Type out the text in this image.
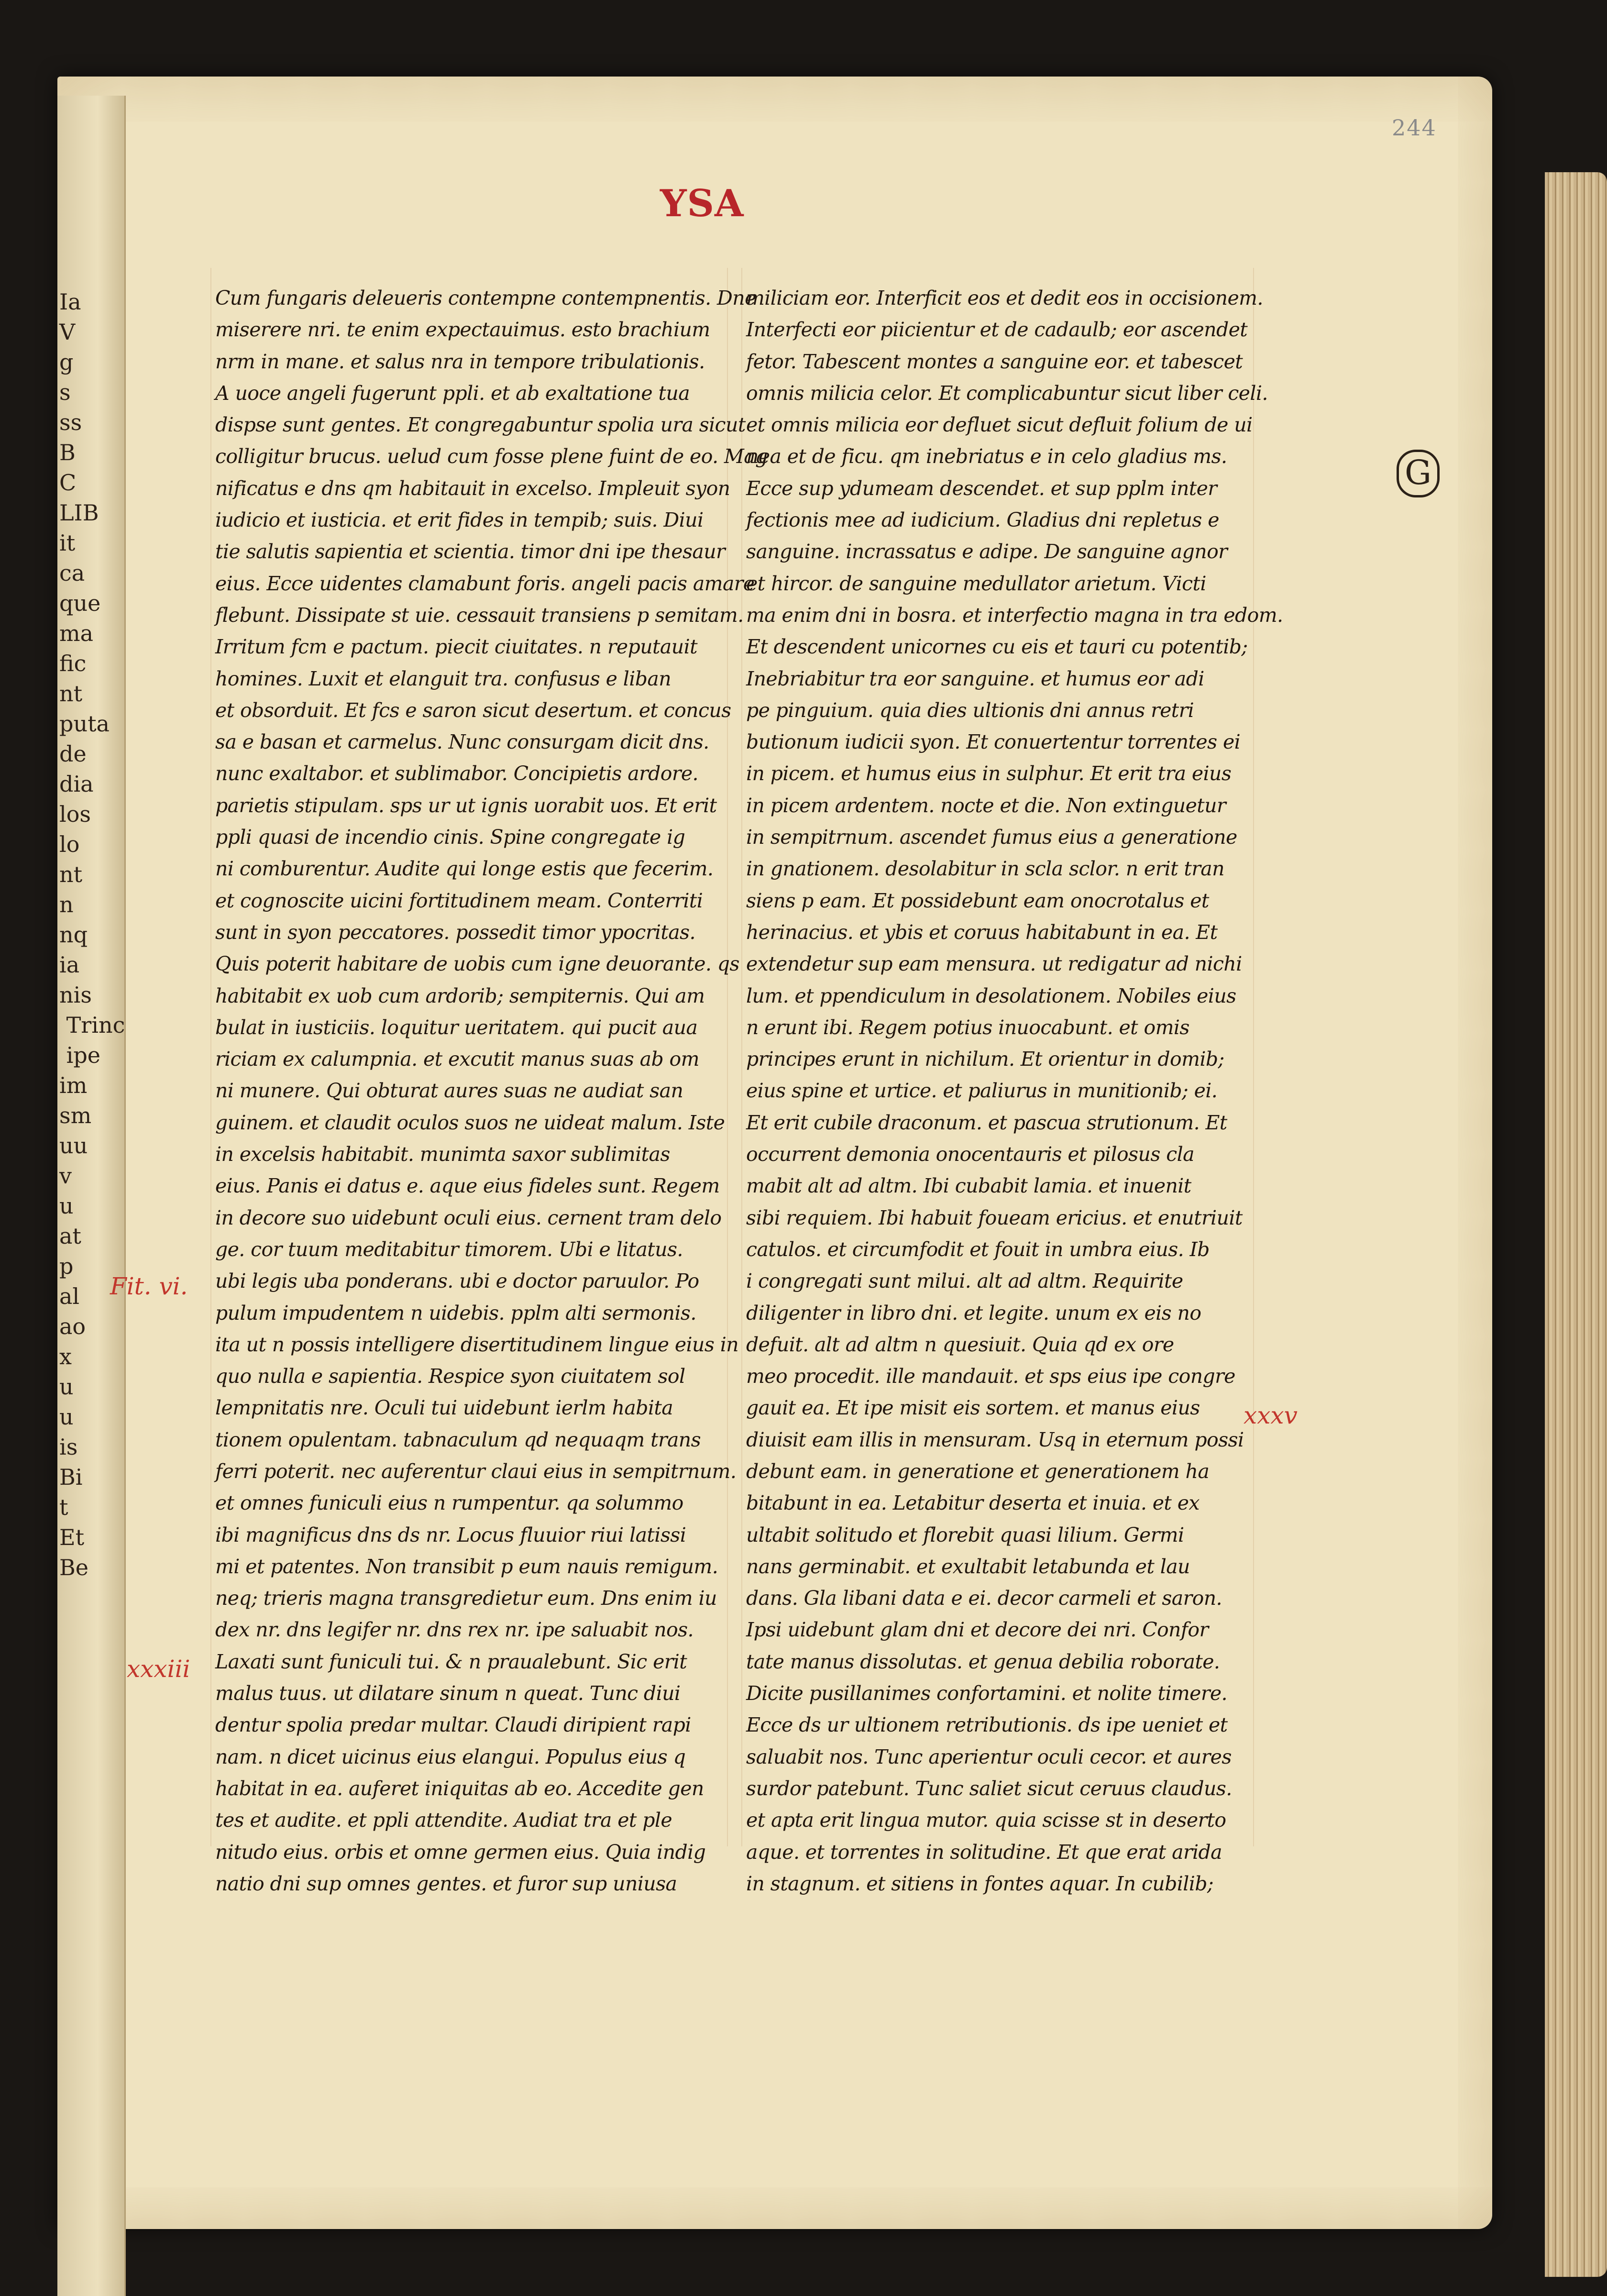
Ia
V
g
s
ss
B
C
LIB
it
ca
que
ma
fic
nt
puta
de
dia
los
lo
nt
n
nq
ia
nis
Trinc
ipe
im
sm
uu
v
u
at
p
al
ao
x
u
u
is
Bi
t
Et
Be
244
YSA
G
Cum fungaris deleueris contempne contempnentis. Dne
miserere nri. te enim expectauimus. esto brachium
nrm in mane. et salus nra in tempore tribulationis.
A uoce angeli fugerunt ppli. et ab exaltatione tua
dispse sunt gentes. Et congregabuntur spolia ura sicut
colligitur brucus. uelud cum fosse plene fuint de eo. Mag
nificatus e dns qm habitauit in excelso. Impleuit syon
iudicio et iusticia. et erit fides in tempib; suis. Diui
tie salutis sapientia et scientia. timor dni ipe thesaur
eius. Ecce uidentes clamabunt foris. angeli pacis amare
flebunt. Dissipate st uie. cessauit transiens p semitam.
Irritum fcm e pactum. piecit ciuitates. n reputauit
homines. Luxit et elanguit tra. confusus e liban
et obsorduit. Et fcs e saron sicut desertum. et concus
sa e basan et carmelus. Nunc consurgam dicit dns.
nunc exaltabor. et sublimabor. Concipietis ardore.
parietis stipulam. sps ur ut ignis uorabit uos. Et erit
ppli quasi de incendio cinis. Spine congregate ig
ni comburentur. Audite qui longe estis que fecerim.
et cognoscite uicini fortitudinem meam. Conterriti
sunt in syon peccatores. possedit timor ypocritas.
Quis poterit habitare de uobis cum igne deuorante. qs
habitabit ex uob cum ardorib; sempiternis. Qui am
bulat in iusticiis. loquitur ueritatem. qui pucit aua
riciam ex calumpnia. et excutit manus suas ab om
ni munere. Qui obturat aures suas ne audiat san
guinem. et claudit oculos suos ne uideat malum. Iste
in excelsis habitabit. munimta saxor sublimitas
eius. Panis ei datus e. aque eius fideles sunt. Regem
in decore suo uidebunt oculi eius. cernent tram delo
ge. cor tuum meditabitur timorem. Ubi e litatus.
ubi legis uba ponderans. ubi e doctor paruulor. Po
pulum impudentem n uidebis. pplm alti sermonis.
ita ut n possis intelligere disertitudinem lingue eius in
quo nulla e sapientia. Respice syon ciuitatem sol
lempnitatis nre. Oculi tui uidebunt ierlm habita
tionem opulentam. tabnaculum qd nequaqm trans
ferri poterit. nec auferentur claui eius in sempitrnum.
et omnes funiculi eius n rumpentur. qa solummo
ibi magnificus dns ds nr. Locus fluuior riui latissi
mi et patentes. Non transibit p eum nauis remigum.
neq; trieris magna transgredietur eum. Dns enim iu
dex nr. dns legifer nr. dns rex nr. ipe saluabit nos.
Laxati sunt funiculi tui. & n praualebunt. Sic erit
malus tuus. ut dilatare sinum n queat. Tunc diui
dentur spolia predar multar. Claudi diripient rapi
nam. n dicet uicinus eius elangui. Populus eius q
habitat in ea. auferet iniquitas ab eo. Accedite gen
tes et audite. et ppli attendite. Audiat tra et ple
nitudo eius. orbis et omne germen eius. Quia indig
natio dni sup omnes gentes. et furor sup uniusa
miliciam eor. Interficit eos et dedit eos in occisionem.
Interfecti eor piicientur et de cadaulb; eor ascendet
fetor. Tabescent montes a sanguine eor. et tabescet
omnis milicia celor. Et complicabuntur sicut liber celi.
et omnis milicia eor defluet sicut defluit folium de ui
nea et de ficu. qm inebriatus e in celo gladius ms.
Ecce sup ydumeam descendet. et sup pplm inter
fectionis mee ad iudicium. Gladius dni repletus e
sanguine. incrassatus e adipe. De sanguine agnor
et hircor. de sanguine medullator arietum. Victi
ma enim dni in bosra. et interfectio magna in tra edom.
Et descendent unicornes cu eis et tauri cu potentib;
Inebriabitur tra eor sanguine. et humus eor adi
pe pinguium. quia dies ultionis dni annus retri
butionum iudicii syon. Et conuertentur torrentes ei
in picem. et humus eius in sulphur. Et erit tra eius
in picem ardentem. nocte et die. Non extinguetur
in sempitrnum. ascendet fumus eius a generatione
in gnationem. desolabitur in scla sclor. n erit tran
siens p eam. Et possidebunt eam onocrotalus et
herinacius. et ybis et coruus habitabunt in ea. Et
extendetur sup eam mensura. ut redigatur ad nichi
lum. et ppendiculum in desolationem. Nobiles eius
n erunt ibi. Regem potius inuocabunt. et omis
principes erunt in nichilum. Et orientur in domib;
eius spine et urtice. et paliurus in munitionib; ei.
Et erit cubile draconum. et pascua strutionum. Et
occurrent demonia onocentauris et pilosus cla
mabit alt ad altm. Ibi cubabit lamia. et inuenit
sibi requiem. Ibi habuit foueam ericius. et enutriuit
catulos. et circumfodit et fouit in umbra eius. Ib
i congregati sunt milui. alt ad altm. Requirite
diligenter in libro dni. et legite. unum ex eis no
defuit. alt ad altm n quesiuit. Quia qd ex ore
meo procedit. ille mandauit. et sps eius ipe congre
gauit ea. Et ipe misit eis sortem. et manus eius
diuisit eam illis in mensuram. Usq in eternum possi
debunt eam. in generatione et generationem ha
bitabunt in ea. Letabitur deserta et inuia. et ex
ultabit solitudo et florebit quasi lilium. Germi
nans germinabit. et exultabit letabunda et lau
dans. Gla libani data e ei. decor carmeli et saron.
Ipsi uidebunt glam dni et decore dei nri. Confor
tate manus dissolutas. et genua debilia roborate.
Dicite pusillanimes confortamini. et nolite timere.
Ecce ds ur ultionem retributionis. ds ipe ueniet et
saluabit nos. Tunc aperientur oculi cecor. et aures
surdor patebunt. Tunc saliet sicut ceruus claudus.
et apta erit lingua mutor. quia scisse st in deserto
aque. et torrentes in solitudine. Et que erat arida
in stagnum. et sitiens in fontes aquar. In cubilib;
Fit. vi.
xxxiii
xxxv
